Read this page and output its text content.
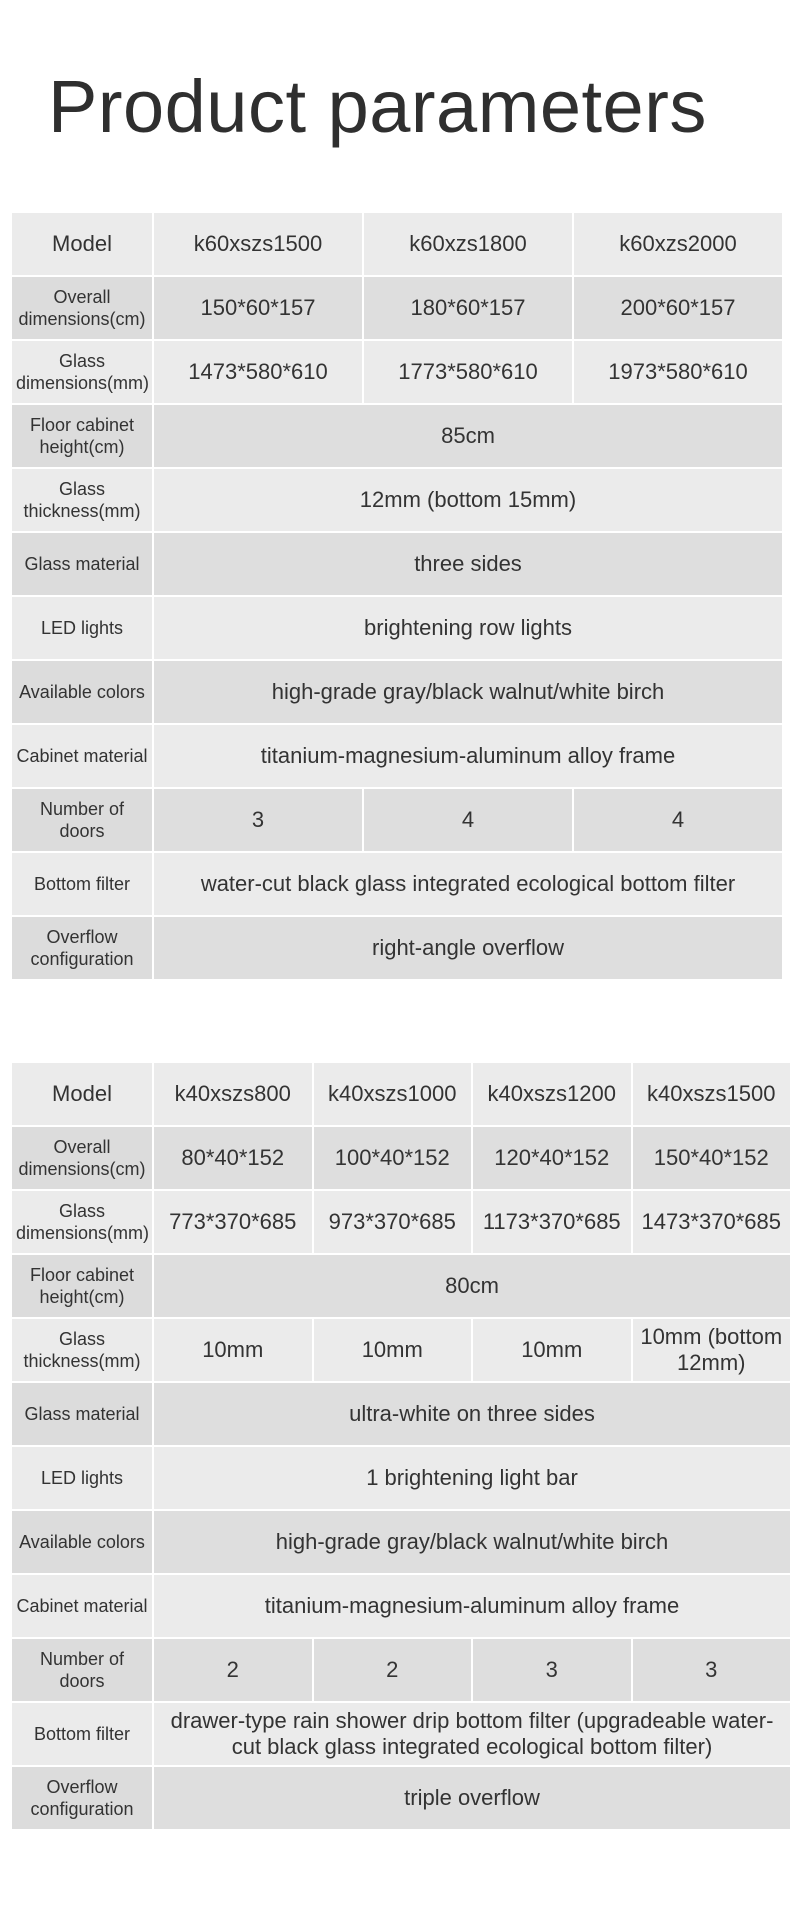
Product parameters
Model	k60xszs1500	k60xzs1800	k60xzs2000
Overall dimensions(cm)	150*60*157	180*60*157	200*60*157
Glass dimensions(mm)	1473*580*610	1773*580*610	1973*580*610
Floor cabinet height(cm)	85cm		
Glass thickness(mm)	12mm (bottom 15mm)		
Glass material	three sides		
LED lights	brightening row lights		
Available colors	high-grade gray/black walnut/white birch		
Cabinet material	titanium-magnesium-aluminum alloy frame		
Number of doors	3	4	4
Bottom filter	water-cut black glass integrated ecological bottom filter		
Overflow configuration	right-angle overflow		
Model	k40xszs800	k40xszs1000	k40xszs1200	k40xszs1500
Overall dimensions(cm)	80*40*152	100*40*152	120*40*152	150*40*152
Glass dimensions(mm)	773*370*685	973*370*685	1173*370*685	1473*370*685
Floor cabinet height(cm)	80cm			
Glass thickness(mm)	10mm	10mm	10mm	10mm (bottom 12mm)
Glass material	ultra-white on three sides			
LED lights	1 brightening light bar			
Available colors	high-grade gray/black walnut/white birch			
Cabinet material	titanium-magnesium-aluminum alloy frame			
Number of doors	2	2	3	3
Bottom filter	drawer-type rain shower drip bottom filter (upgradeable water-cut black glass integrated ecological bottom filter)			
Overflow configuration	triple overflow			
